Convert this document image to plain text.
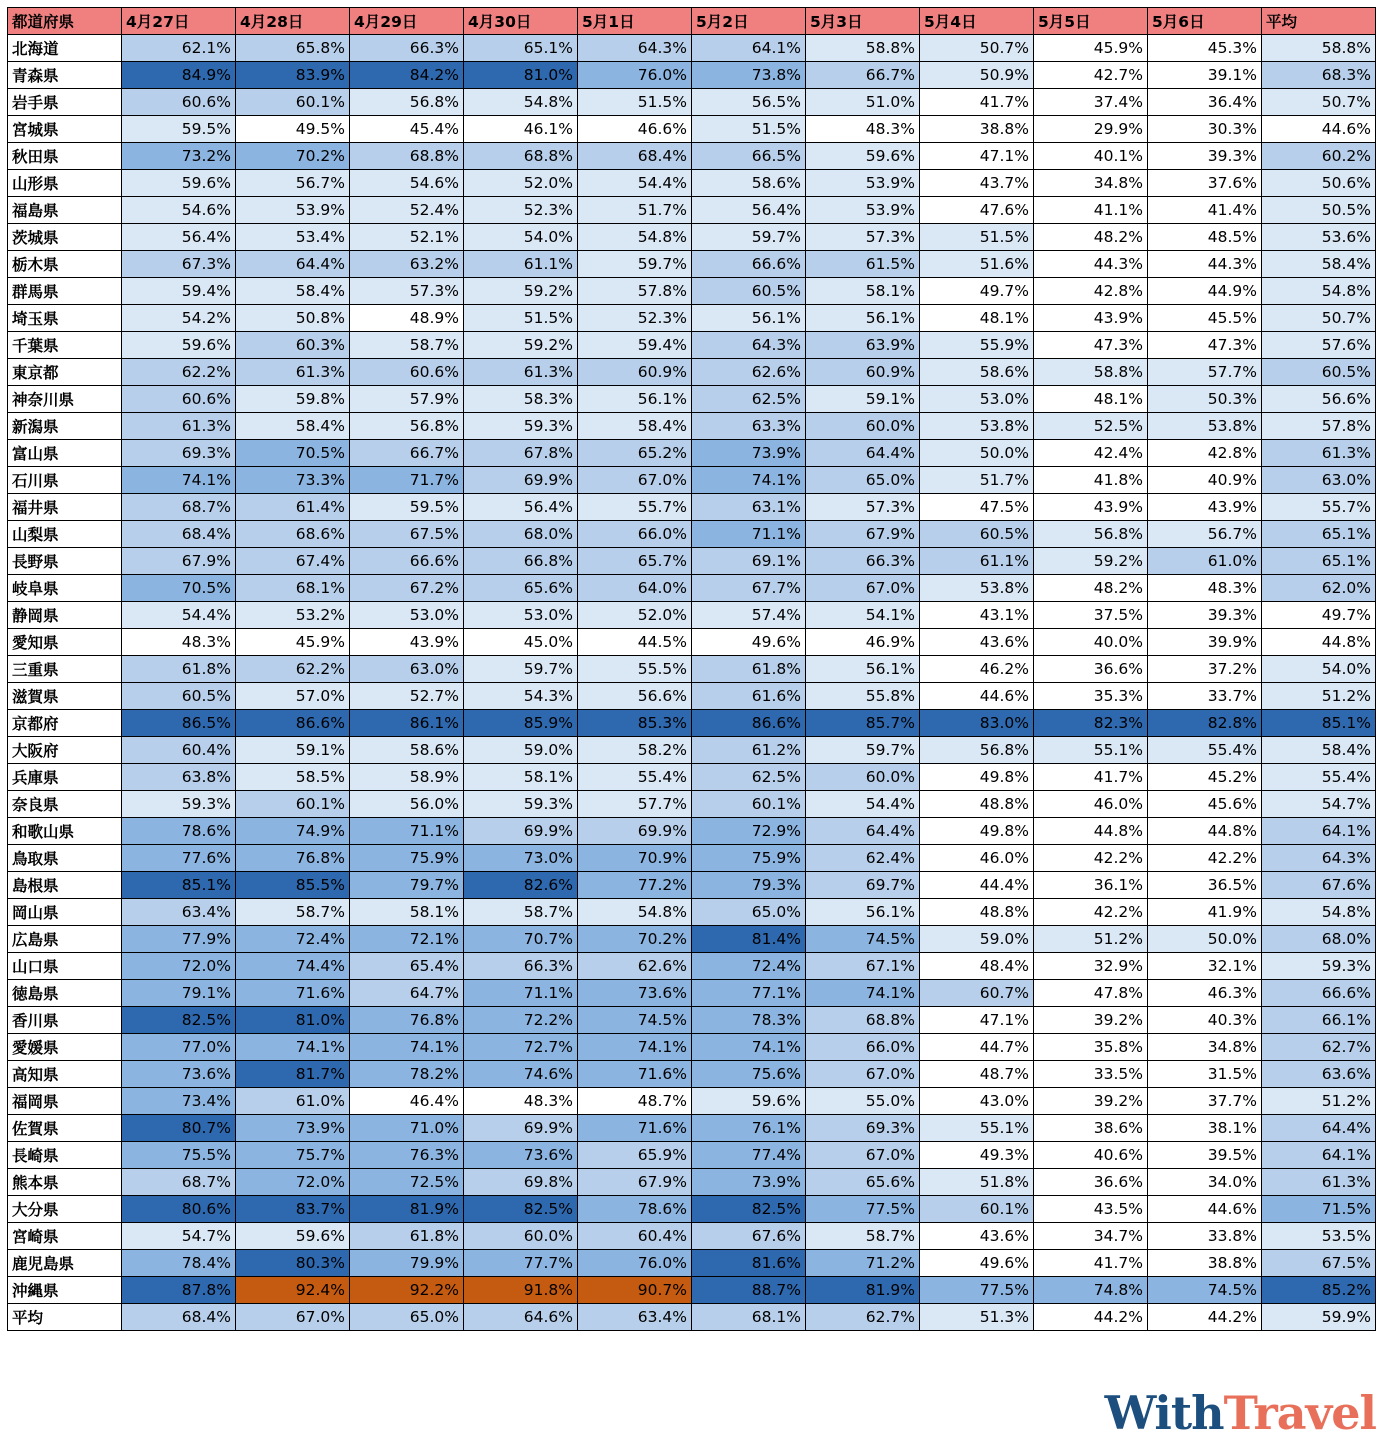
都道府県	4月27日	4月28日	4月29日	4月30日	5月1日	5月2日	5月3日	5月4日	5月5日	5月6日	平均
北海道	62.1%	65.8%	66.3%	65.1%	64.3%	64.1%	58.8%	50.7%	45.9%	45.3%	58.8%
青森県	84.9%	83.9%	84.2%	81.0%	76.0%	73.8%	66.7%	50.9%	42.7%	39.1%	68.3%
岩手県	60.6%	60.1%	56.8%	54.8%	51.5%	56.5%	51.0%	41.7%	37.4%	36.4%	50.7%
宮城県	59.5%	49.5%	45.4%	46.1%	46.6%	51.5%	48.3%	38.8%	29.9%	30.3%	44.6%
秋田県	73.2%	70.2%	68.8%	68.8%	68.4%	66.5%	59.6%	47.1%	40.1%	39.3%	60.2%
山形県	59.6%	56.7%	54.6%	52.0%	54.4%	58.6%	53.9%	43.7%	34.8%	37.6%	50.6%
福島県	54.6%	53.9%	52.4%	52.3%	51.7%	56.4%	53.9%	47.6%	41.1%	41.4%	50.5%
茨城県	56.4%	53.4%	52.1%	54.0%	54.8%	59.7%	57.3%	51.5%	48.2%	48.5%	53.6%
栃木県	67.3%	64.4%	63.2%	61.1%	59.7%	66.6%	61.5%	51.6%	44.3%	44.3%	58.4%
群馬県	59.4%	58.4%	57.3%	59.2%	57.8%	60.5%	58.1%	49.7%	42.8%	44.9%	54.8%
埼玉県	54.2%	50.8%	48.9%	51.5%	52.3%	56.1%	56.1%	48.1%	43.9%	45.5%	50.7%
千葉県	59.6%	60.3%	58.7%	59.2%	59.4%	64.3%	63.9%	55.9%	47.3%	47.3%	57.6%
東京都	62.2%	61.3%	60.6%	61.3%	60.9%	62.6%	60.9%	58.6%	58.8%	57.7%	60.5%
神奈川県	60.6%	59.8%	57.9%	58.3%	56.1%	62.5%	59.1%	53.0%	48.1%	50.3%	56.6%
新潟県	61.3%	58.4%	56.8%	59.3%	58.4%	63.3%	60.0%	53.8%	52.5%	53.8%	57.8%
富山県	69.3%	70.5%	66.7%	67.8%	65.2%	73.9%	64.4%	50.0%	42.4%	42.8%	61.3%
石川県	74.1%	73.3%	71.7%	69.9%	67.0%	74.1%	65.0%	51.7%	41.8%	40.9%	63.0%
福井県	68.7%	61.4%	59.5%	56.4%	55.7%	63.1%	57.3%	47.5%	43.9%	43.9%	55.7%
山梨県	68.4%	68.6%	67.5%	68.0%	66.0%	71.1%	67.9%	60.5%	56.8%	56.7%	65.1%
長野県	67.9%	67.4%	66.6%	66.8%	65.7%	69.1%	66.3%	61.1%	59.2%	61.0%	65.1%
岐阜県	70.5%	68.1%	67.2%	65.6%	64.0%	67.7%	67.0%	53.8%	48.2%	48.3%	62.0%
静岡県	54.4%	53.2%	53.0%	53.0%	52.0%	57.4%	54.1%	43.1%	37.5%	39.3%	49.7%
愛知県	48.3%	45.9%	43.9%	45.0%	44.5%	49.6%	46.9%	43.6%	40.0%	39.9%	44.8%
三重県	61.8%	62.2%	63.0%	59.7%	55.5%	61.8%	56.1%	46.2%	36.6%	37.2%	54.0%
滋賀県	60.5%	57.0%	52.7%	54.3%	56.6%	61.6%	55.8%	44.6%	35.3%	33.7%	51.2%
京都府	86.5%	86.6%	86.1%	85.9%	85.3%	86.6%	85.7%	83.0%	82.3%	82.8%	85.1%
大阪府	60.4%	59.1%	58.6%	59.0%	58.2%	61.2%	59.7%	56.8%	55.1%	55.4%	58.4%
兵庫県	63.8%	58.5%	58.9%	58.1%	55.4%	62.5%	60.0%	49.8%	41.7%	45.2%	55.4%
奈良県	59.3%	60.1%	56.0%	59.3%	57.7%	60.1%	54.4%	48.8%	46.0%	45.6%	54.7%
和歌山県	78.6%	74.9%	71.1%	69.9%	69.9%	72.9%	64.4%	49.8%	44.8%	44.8%	64.1%
鳥取県	77.6%	76.8%	75.9%	73.0%	70.9%	75.9%	62.4%	46.0%	42.2%	42.2%	64.3%
島根県	85.1%	85.5%	79.7%	82.6%	77.2%	79.3%	69.7%	44.4%	36.1%	36.5%	67.6%
岡山県	63.4%	58.7%	58.1%	58.7%	54.8%	65.0%	56.1%	48.8%	42.2%	41.9%	54.8%
広島県	77.9%	72.4%	72.1%	70.7%	70.2%	81.4%	74.5%	59.0%	51.2%	50.0%	68.0%
山口県	72.0%	74.4%	65.4%	66.3%	62.6%	72.4%	67.1%	48.4%	32.9%	32.1%	59.3%
徳島県	79.1%	71.6%	64.7%	71.1%	73.6%	77.1%	74.1%	60.7%	47.8%	46.3%	66.6%
香川県	82.5%	81.0%	76.8%	72.2%	74.5%	78.3%	68.8%	47.1%	39.2%	40.3%	66.1%
愛媛県	77.0%	74.1%	74.1%	72.7%	74.1%	74.1%	66.0%	44.7%	35.8%	34.8%	62.7%
高知県	73.6%	81.7%	78.2%	74.6%	71.6%	75.6%	67.0%	48.7%	33.5%	31.5%	63.6%
福岡県	73.4%	61.0%	46.4%	48.3%	48.7%	59.6%	55.0%	43.0%	39.2%	37.7%	51.2%
佐賀県	80.7%	73.9%	71.0%	69.9%	71.6%	76.1%	69.3%	55.1%	38.6%	38.1%	64.4%
長崎県	75.5%	75.7%	76.3%	73.6%	65.9%	77.4%	67.0%	49.3%	40.6%	39.5%	64.1%
熊本県	68.7%	72.0%	72.5%	69.8%	67.9%	73.9%	65.6%	51.8%	36.6%	34.0%	61.3%
大分県	80.6%	83.7%	81.9%	82.5%	78.6%	82.5%	77.5%	60.1%	43.5%	44.6%	71.5%
宮崎県	54.7%	59.6%	61.8%	60.0%	60.4%	67.6%	58.7%	43.6%	34.7%	33.8%	53.5%
鹿児島県	78.4%	80.3%	79.9%	77.7%	76.0%	81.6%	71.2%	49.6%	41.7%	38.8%	67.5%
沖縄県	87.8%	92.4%	92.2%	91.8%	90.7%	88.7%	81.9%	77.5%	74.8%	74.5%	85.2%
平均	68.4%	67.0%	65.0%	64.6%	63.4%	68.1%	62.7%	51.3%	44.2%	44.2%	59.9%
WithTravel
